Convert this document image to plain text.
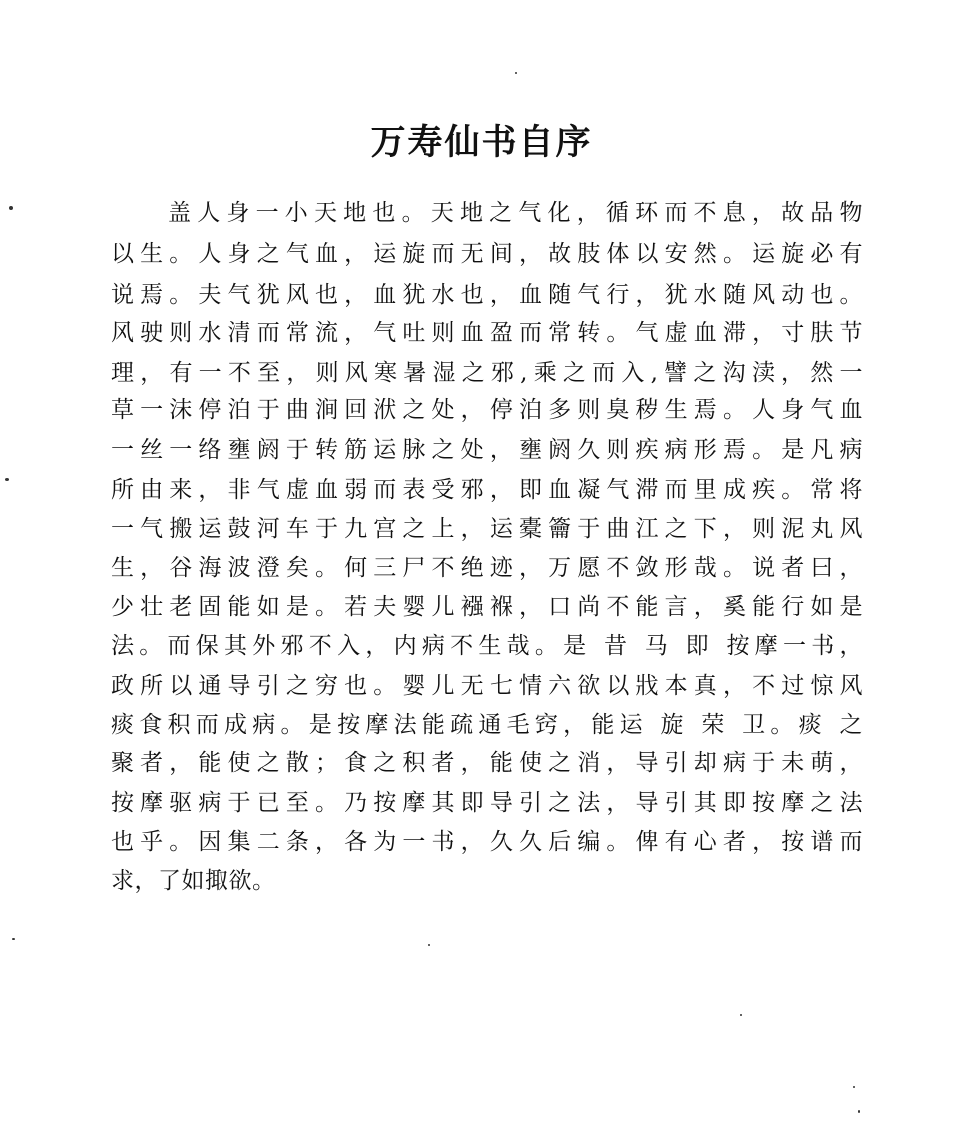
万寿仙书自序
盖人身一小天地也。天地之气化，循环而不息，故品物
以生。人身之气血，运旋而无间，故肢体以安然。运旋必有
说焉。夫气犹风也，血犹水也，血随气行，犹水随风动也。
风驶则水清而常流，气吐则血盈而常转。气虚血滞，寸肤节
理，有一不至，则风寒暑湿之邪,乘之而入,譬之沟渎，然一
草一沫停泊于曲涧回洑之处，停泊多则臭秽生焉。人身气血
一丝一络壅阏于转筋运脉之处，壅阏久则疾病形焉。是凡病
所由来，非气虚血弱而表受邪，即血凝气滞而里成疾。常将
一气搬运鼓河车于九宫之上，运橐籥于曲江之下，则泥丸风
生，谷海波澄矣。何三尸不绝迹，万愿不敛形哉。说者曰，
少壮老固能如是。若夫婴儿襁褓，口尚不能言，奚能行如是
法。而保其外邪不入，内病不生哉。是 昔 马 即 按摩一书，
政所以通导引之穷也。婴儿无七情六欲以戕本真，不过惊风
痰食积而成病。是按摩法能疏通毛窍，能运 旋 荣 卫。痰 之
聚者，能使之散；食之积者，能使之消，导引却病于未萌，
按摩驱病于已至。乃按摩其即导引之法，导引其即按摩之法
也乎。因集二条，各为一书，久久后编。俾有心者，按谱而
求，了如掫欲。
